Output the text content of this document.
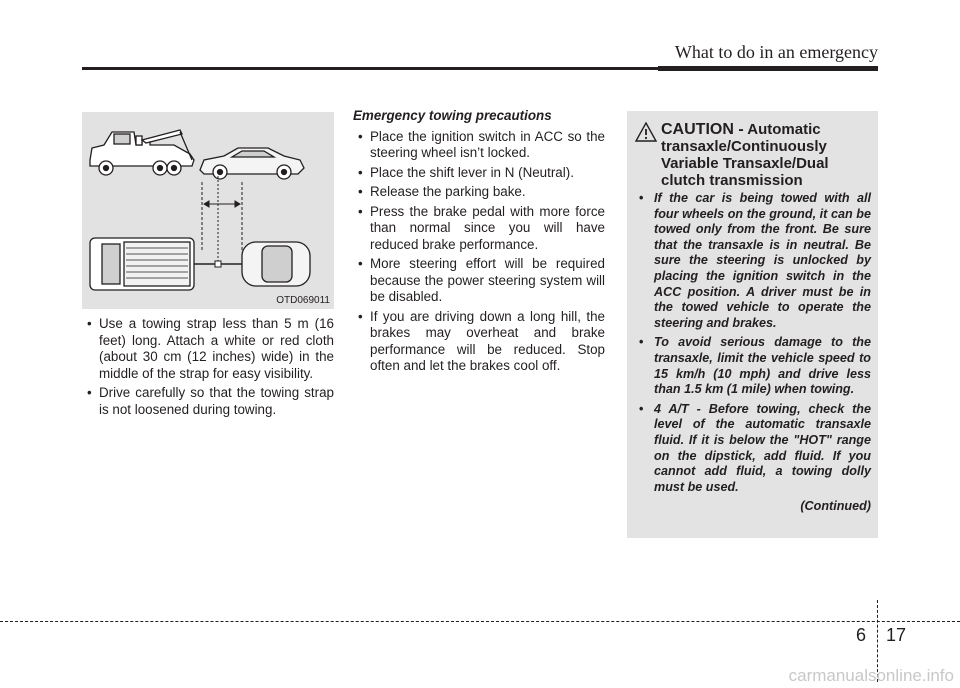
What to do in an emergency
OTD069011
• Use a towing strap less than 5 m (16 feet) long. Attach a white or red cloth (about 30 cm (12 inches) wide) in the middle of the strap for easy visibility.
• Drive carefully so that the towing strap is not loosened during towing.
Emergency towing precautions
• Place the ignition switch in ACC so the steering wheel isn’t locked.
• Place the shift lever in N (Neutral).
• Release the parking bake.
• Press the brake pedal with more force than normal since you will have reduced brake performance.
• More steering effort will be required because the power steering system will be disabled.
• If you are driving down a long hill, the brakes may overheat and brake performance will be reduced. Stop often and let the brakes cool off.
CAUTION - Automatic transaxle/Continuously Variable Transaxle/Dual clutch transmission
• If the car is being towed with all four wheels on the ground, it can be towed only from the front. Be sure that the transaxle is in neutral. Be sure the steering is unlocked by placing the ignition switch in the ACC position. A driver must be in the towed vehicle to operate the steering and brakes.
• To avoid serious damage to the transaxle, limit the vehicle speed to 15 km/h (10 mph) and drive less than 1.5 km (1 mile) when towing.
• 4 A/T - Before towing, check the level of the automatic transaxle fluid. If it is below the "HOT" range on the dipstick, add fluid. If you cannot add fluid, a towing dolly must be used.
(Continued)
6 17
carmanualsonline.info
